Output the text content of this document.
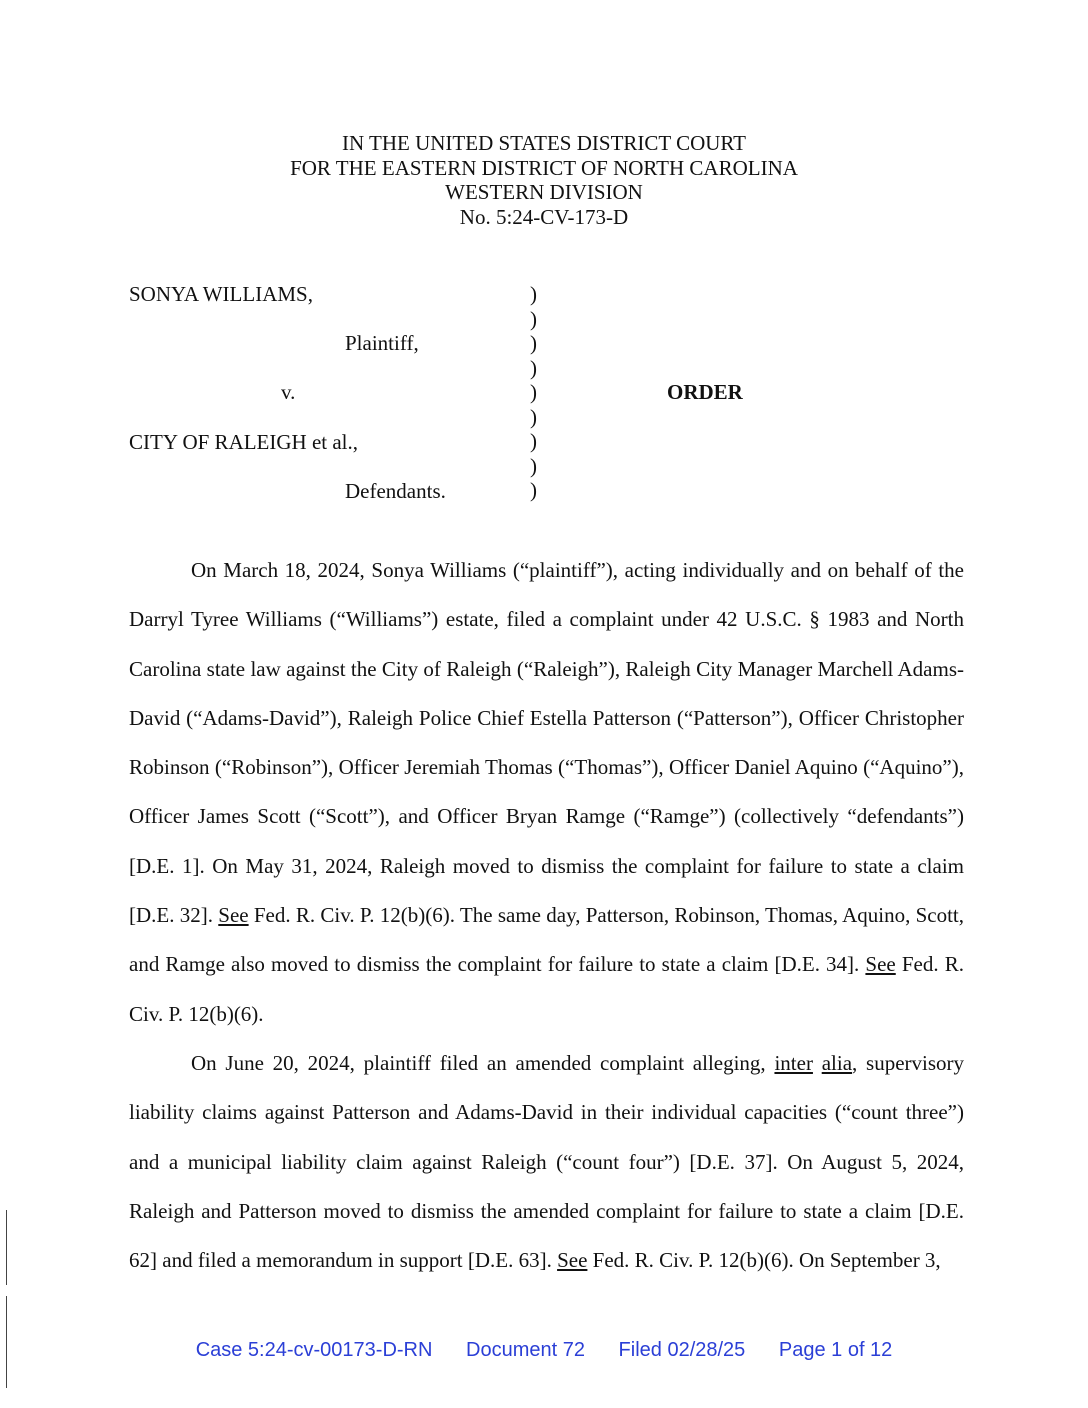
IN THE UNITED STATES DISTRICT COURT
FOR THE EASTERN DISTRICT OF NORTH CAROLINA
WESTERN DIVISION
No. 5:24-CV-173-D
SONYA WILLIAMS,
Plaintiff,
v.
CITY OF RALEIGH et al.,
Defendants.
)
)
)
)
)
)
)
)
)
ORDER

On March 18, 2024, Sonya Williams (“plaintiff”), acting individually and on behalf of the Darryl Tyree Williams (“Williams”) estate, filed a complaint under 42 U.S.C. § 1983 and North Carolina state law against the City of Raleigh (“Raleigh”), Raleigh City Manager Marchell Adams-David (“Adams-David”), Raleigh Police Chief Estella Patterson (“Patterson”), Officer Christopher Robinson (“Robinson”), Officer Jeremiah Thomas (“Thomas”), Officer Daniel Aquino (“Aquino”), Officer James Scott (“Scott”), and Officer Bryan Ramge (“Ramge”) (collectively “defendants”) [D.E. 1]. On May 31, 2024, Raleigh moved to dismiss the complaint for failure to state a claim [D.E. 32]. See Fed. R. Civ. P. 12(b)(6). The same day, Patterson, Robinson, Thomas, Aquino, Scott, and Ramge also moved to dismiss the complaint for failure to state a claim [D.E. 34]. See Fed. R. Civ. P. 12(b)(6).

On June 20, 2024, plaintiff filed an amended complaint alleging, inter alia, supervisory liability claims against Patterson and Adams-David in their individual capacities (“count three”) and a municipal liability claim against Raleigh (“count four”) [D.E. 37]. On August 5, 2024, Raleigh and Patterson moved to dismiss the amended complaint for failure to state a claim [D.E. 62] and filed a memorandum in support [D.E. 63]. See Fed. R. Civ. P. 12(b)(6). On September 3,

Case 5:24-cv-00173-D-RN Document 72 Filed 02/28/25 Page 1 of 12
